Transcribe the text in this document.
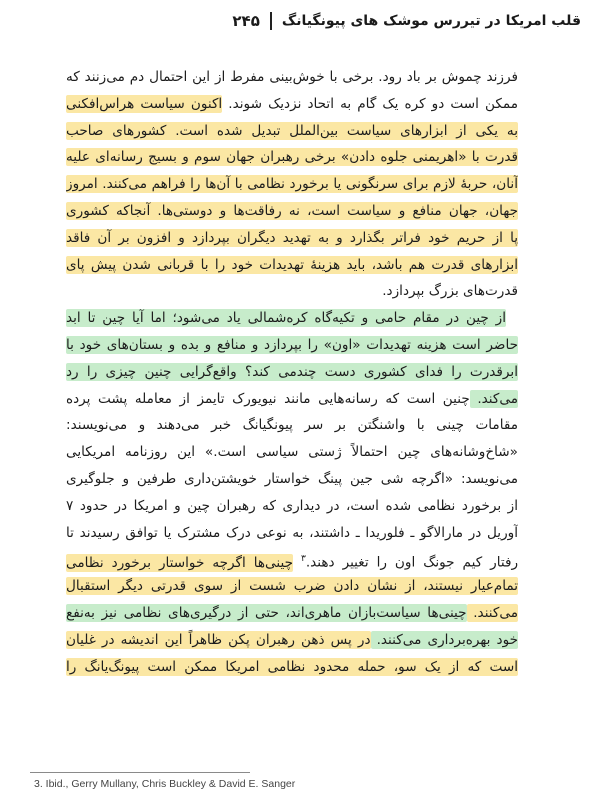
قلب امریکا در تیررس موشک های پیونگیانگ
۲۴۵
فرزند چموش بر باد رود. برخی با خوش‌بینی مفرط از این احتمال دم می‌زنند که
ممکن است دو کره یک گام به اتحاد نزدیک شوند. اکنون سیاست هراس‌افکنی
به یکی از ابزارهای سیاست بین‌الملل تبدیل شده است. کشورهای صاحب
قدرت با «اهریمنی جلوه دادن» برخی رهبران جهان سوم و بسیج رسانه‌ای علیه
آنان، حربهٔ لازم برای سرنگونی یا برخورد نظامی با آن‌ها را فراهم می‌کنند. امروز
جهان، جهان منافع و سیاست است، نه رفاقت‌ها و دوستی‌ها. آنجاکه کشوری
پا از حریم خود فراتر بگذارد و به تهدید دیگران بپردازد و افزون بر آن فاقد
ابزارهای قدرت هم باشد، باید هزینهٔ تهدیدات خود را با قربانی شدن پیش پای
قدرت‌های بزرگ بپردازد.
از چین در مقام حامی و تکیه‌گاه کره‌شمالی یاد می‌شود؛ اما آیا چین تا ابد
حاضر است هزینه تهدیدات «اون» را بپردازد و منافع و بده و بستان‌های خود با
ابرقدرت را فدای کشوری دست چندمی کند؟ واقع‌گرایی چنین چیزی را رد
می‌کند. چنین است که رسانه‌هایی مانند نیویورک تایمز از معامله پشت پرده
مقامات چینی با واشنگتن بر سر پیونگیانگ خبر می‌دهند و می‌نویسند:
«شاخ‌وشانه‌های چین احتمالاً ژستی سیاسی است.» این روزنامه امریکایی
می‌نویسد: «اگرچه شی جین پینگ خواستار خویشتن‌داری طرفین و جلوگیری
از برخورد نظامی شده است، در دیداری که رهبران چین و امریکا در حدود ۷
آوریل در مارالاگو ـ فلوریدا ـ داشتند، به نوعی درک مشترک یا توافق رسیدند تا
رفتار کیم جونگ اون را تغییر دهند.$^۳$ چینی‌ها اگرچه خواستار برخورد نظامی
تمام‌عیار نیستند، از نشان دادن ضرب شست از سوی قدرتی دیگر استقبال
می‌کنند. چینی‌ها سیاست‌بازان ماهری‌اند، حتی از درگیری‌های نظامی نیز به‌نفع
خود بهره‌برداری می‌کنند. در پس ذهن رهبران پکن ظاهراً این اندیشه در غلیان
است که از یک سو، حمله محدود نظامی امریکا ممکن است پیونگ‌یانگ را
3. Ibid., Gerry Mullany, Chris Buckley & David E. Sanger
